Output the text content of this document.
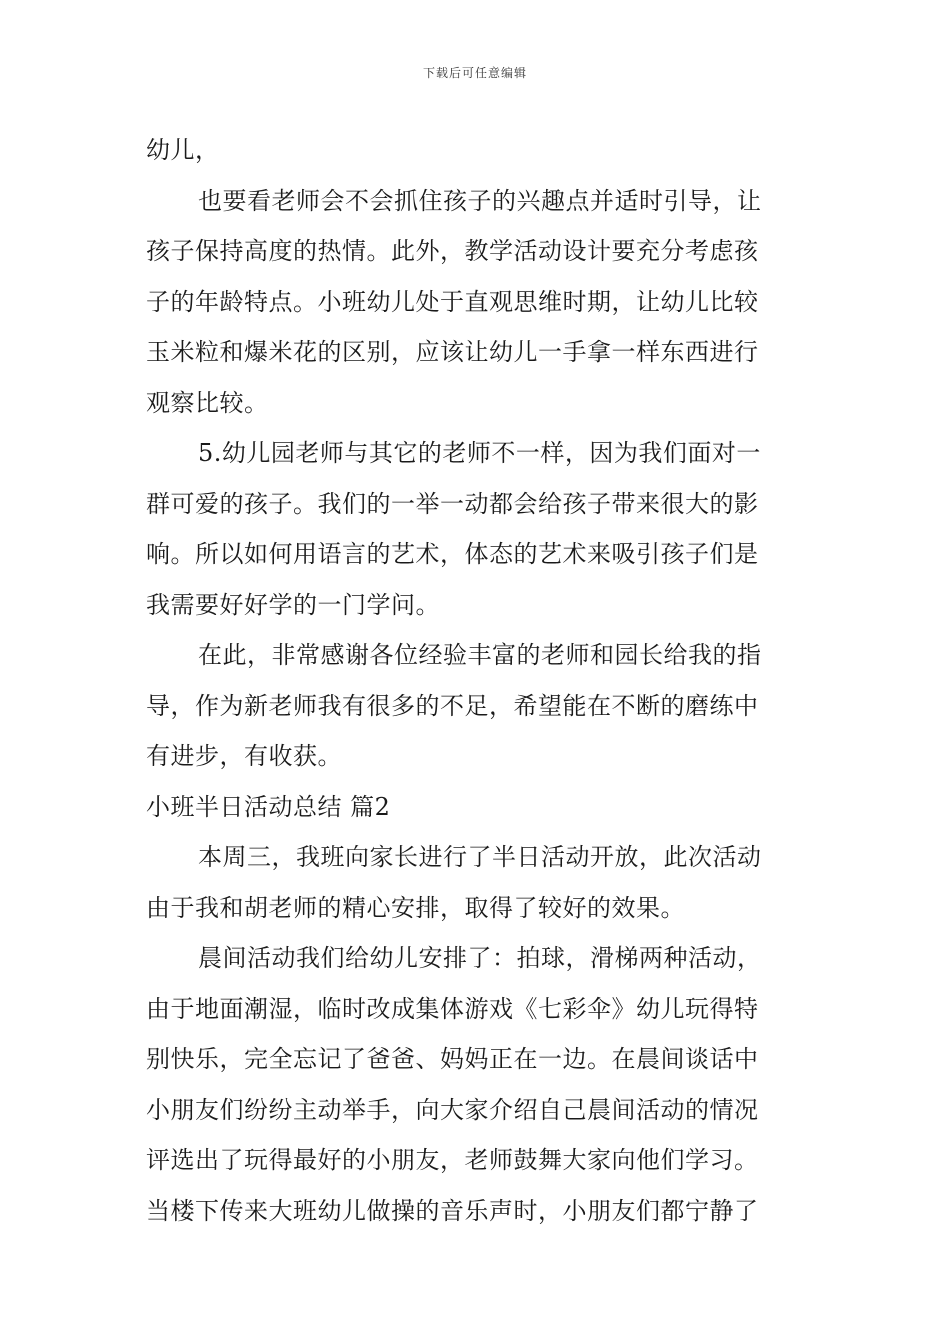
下载后可任意编辑
幼儿，
也要看老师会不会抓住孩子的兴趣点并适时引导，让
孩子保持高度的热情。此外，教学活动设计要充分考虑孩
子的年龄特点。小班幼儿处于直观思维时期，让幼儿比较
玉米粒和爆米花的区别，应该让幼儿一手拿一样东西进行
观察比较。
5.幼儿园老师与其它的老师不一样，因为我们面对一
群可爱的孩子。我们的一举一动都会给孩子带来很大的影
响。所以如何用语言的艺术，体态的艺术来吸引孩子们是
我需要好好学的一门学问。
在此，非常感谢各位经验丰富的老师和园长给我的指
导，作为新老师我有很多的不足，希望能在不断的磨练中
有进步，有收获。
小班半日活动总结 篇2
本周三，我班向家长进行了半日活动开放，此次活动
由于我和胡老师的精心安排，取得了较好的效果。
晨间活动我们给幼儿安排了：拍球，滑梯两种活动，
由于地面潮湿，临时改成集体游戏《七彩伞》幼儿玩得特
别快乐，完全忘记了爸爸、妈妈正在一边。在晨间谈话中
小朋友们纷纷主动举手，向大家介绍自己晨间活动的情况
评选出了玩得最好的小朋友，老师鼓舞大家向他们学习。
当楼下传来大班幼儿做操的音乐声时，小朋友们都宁静了
